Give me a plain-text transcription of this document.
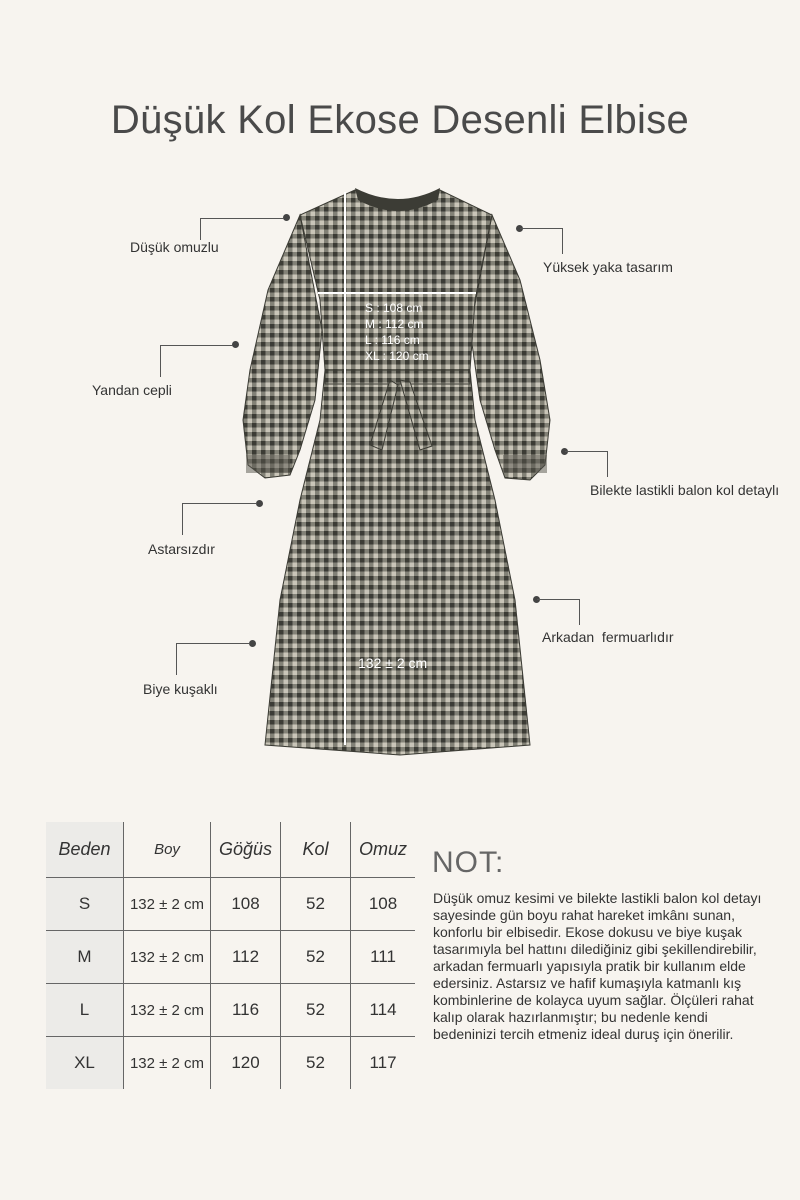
Düşük Kol Ekose Desenli Elbise
S : 108 cm
M : 112 cm
L : 116 cm
XL : 120 cm
132 ± 2 cm
Düşük omuzlu
Yandan cepli
Astarsızdır
Biye kuşaklı
Yüksek yaka tasarım
Bilekte lastikli balon kol detaylı
Arkadan  fermuarlıdır
Beden	Boy	Göğüs	Kol	Omuz
S	132 ± 2 cm	108	52	108
M	132 ± 2 cm	112	52	111
L	132 ± 2 cm	116	52	114
XL	132 ± 2 cm	120	52	117
NOT:
Düşük omuz kesimi ve bilekte lastikli balon kol detayı sayesinde gün boyu rahat hareket imkânı sunan, konforlu bir elbisedir. Ekose dokusu ve biye kuşak tasarımıyla bel hattını dilediğiniz gibi şekillendirebilir, arkadan fermuarlı yapısıyla pratik bir kullanım elde edersiniz. Astarsız ve hafif kumaşıyla katmanlı kış kombinlerine de kolayca uyum sağlar. Ölçüleri rahat kalıp olarak hazırlanmıştır; bu nedenle kendi bedeninizi tercih etmeniz ideal duruş için önerilir.
